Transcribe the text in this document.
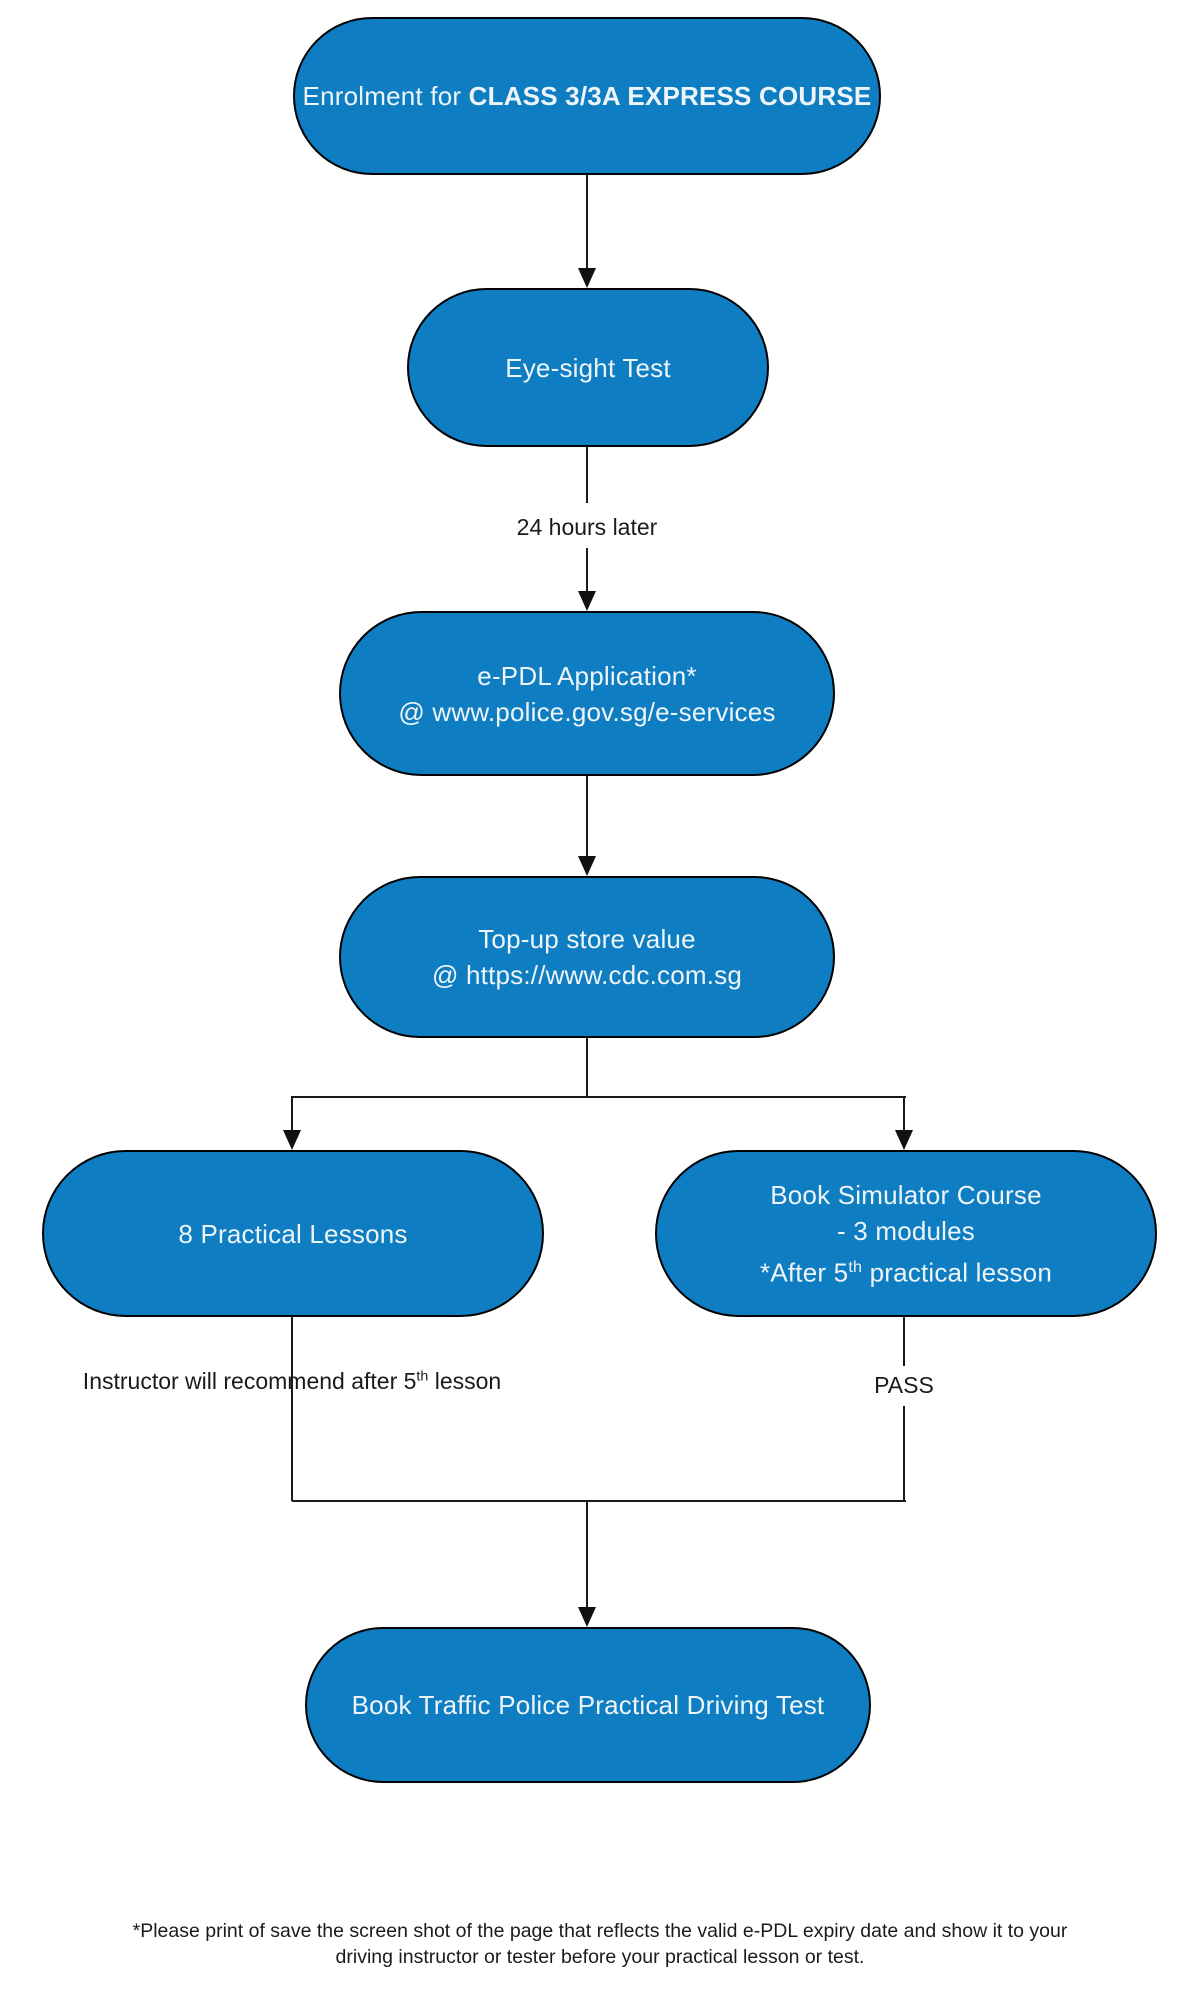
Enrolment for CLASS 3/3A EXPRESS COURSE
Eye-sight Test
24 hours later
e-PDL Application*
@ www.police.gov.sg/e-services
Top-up store value
@ https://www.cdc.com.sg
8 Practical Lessons
Book Simulator Course
- 3 modules
*After 5th practical lesson
Instructor will recommend after 5th lesson	PASS
Book Traffic Police Practical Driving Test
*Please print of save the screen shot of the page that reflects the valid e-PDL expiry date and show it to your
driving instructor or tester before your practical lesson or test.
